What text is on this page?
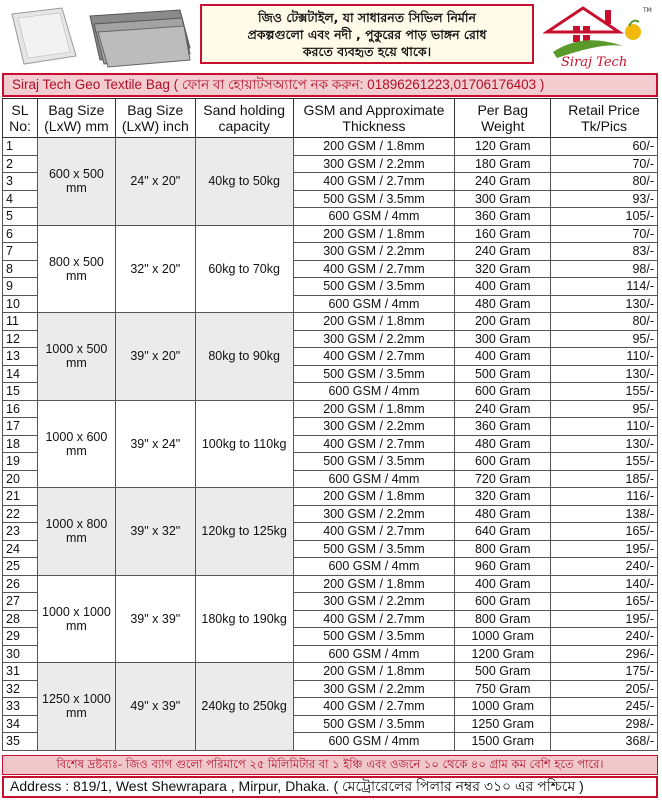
জিও টেক্সটাইল, যা সাধারনত সিভিল নির্মান
প্রকল্পগুলো এবং নদী , পুকুরের পাড় ভাঙ্গন রোধ
করতে ব্যবহৃত হয়ে থাকে।
Siraj Tech
TM
Siraj Tech Geo Textile Bag ( ফোন বা হোয়াটসঅ্যাপে নক করুন: 01896261223,01706176403 )
SL No:	Bag Size (LxW) mm	Bag Size (LxW) inch	Sand holding capacity	GSM and Approximate Thickness	Per Bag Weight	Retail Price Tk/Pics
1	600 x 500 mm	24" x 20"	40kg to 50kg	200 GSM / 1.8mm	120 Gram	60/-
2				300 GSM / 2.2mm	180 Gram	70/-
3				400 GSM / 2.7mm	240 Gram	80/-
4				500 GSM / 3.5mm	300 Gram	93/-
5				600 GSM / 4mm	360 Gram	105/-
6	800 x 500 mm	32" x 20"	60kg to 70kg	200 GSM / 1.8mm	160 Gram	70/-
7				300 GSM / 2.2mm	240 Gram	83/-
8				400 GSM / 2.7mm	320 Gram	98/-
9				500 GSM / 3.5mm	400 Gram	114/-
10				600 GSM / 4mm	480 Gram	130/-
11	1000 x 500 mm	39" x 20"	80kg to 90kg	200 GSM / 1.8mm	200 Gram	80/-
12				300 GSM / 2.2mm	300 Gram	95/-
13				400 GSM / 2.7mm	400 Gram	110/-
14				500 GSM / 3.5mm	500 Gram	130/-
15				600 GSM / 4mm	600 Gram	155/-
16	1000 x 600 mm	39" x 24"	100kg to 110kg	200 GSM / 1.8mm	240 Gram	95/-
17				300 GSM / 2.2mm	360 Gram	110/-
18				400 GSM / 2.7mm	480 Gram	130/-
19				500 GSM / 3.5mm	600 Gram	155/-
20				600 GSM / 4mm	720 Gram	185/-
21	1000 x 800 mm	39" x 32"	120kg to 125kg	200 GSM / 1.8mm	320 Gram	116/-
22				300 GSM / 2.2mm	480 Gram	138/-
23				400 GSM / 2.7mm	640 Gram	165/-
24				500 GSM / 3.5mm	800 Gram	195/-
25				600 GSM / 4mm	960 Gram	240/-
26	1000 x 1000 mm	39" x 39"	180kg to 190kg	200 GSM / 1.8mm	400 Gram	140/-
27				300 GSM / 2.2mm	600 Gram	165/-
28				400 GSM / 2.7mm	800 Gram	195/-
29				500 GSM / 3.5mm	1000 Gram	240/-
30				600 GSM / 4mm	1200 Gram	296/-
31	1250 x 1000 mm	49" x 39"	240kg to 250kg	200 GSM / 1.8mm	500 Gram	175/-
32				300 GSM / 2.2mm	750 Gram	205/-
33				400 GSM / 2.7mm	1000 Gram	245/-
34				500 GSM / 3.5mm	1250 Gram	298/-
35				600 GSM / 4mm	1500 Gram	368/-
বিশেষ দ্রষ্টব্যঃ- জিও ব্যাগ গুলো পরিমাপে ২৫ মিলিমিটার বা ১ ইঞ্চি এবং ওজনে ১০ থেকে ৪০ গ্রাম কম বেশি হতে পারে।
Address : 819/1, West Shewrapara , Mirpur, Dhaka. ( মেট্রোরেলের পিলার নম্বর ৩১০ এর পশ্চিমে )
